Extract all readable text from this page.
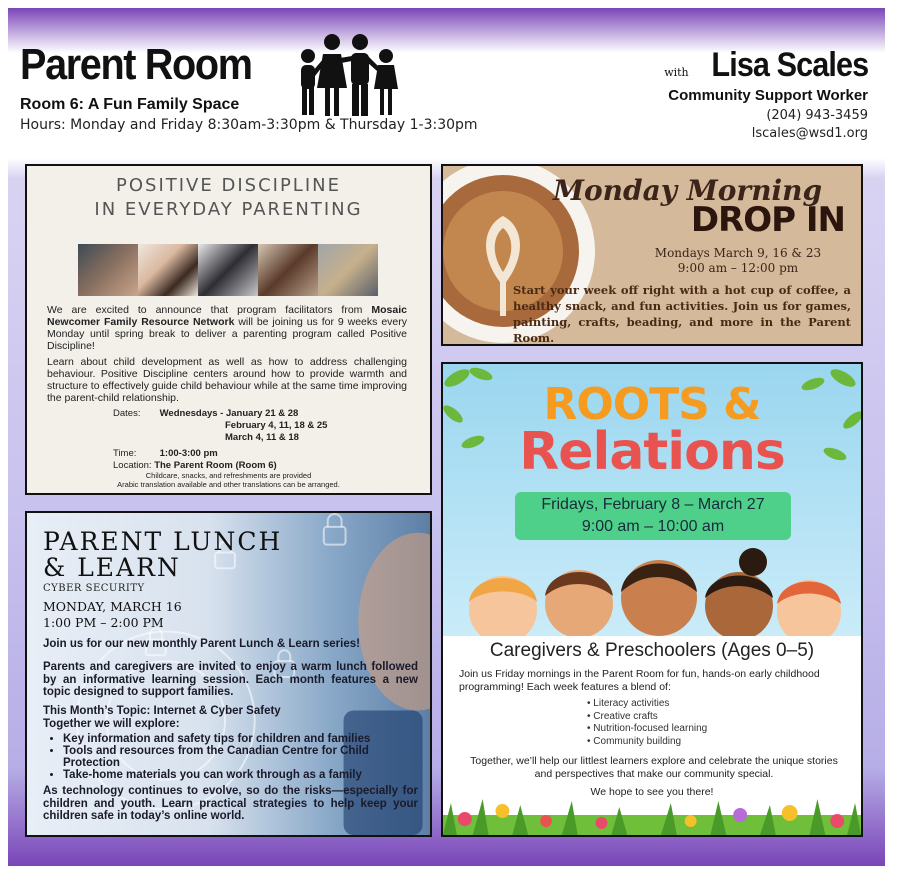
Parent Room
Room 6: A Fun Family Space
Hours: Monday and Friday 8:30am-3:30pm & Thursday 1-3:30pm
with Lisa Scales
Community Support Worker
(204) 943-3459
lscales@wsd1.org
POSITIVE DISCIPLINE
IN EVERYDAY PARENTING
We are excited to announce that program facilitators from Mosaic Newcomer Family Resource Network will be joining us for 9 weeks every Monday until spring break to deliver a parenting program called Positive Discipline!
Learn about child development as well as how to address challenging behaviour. Positive Discipline centers around how to provide warmth and structure to effectively guide child behaviour while at the same time improving the parent-child relationship.
Dates: Wednesdays - January 21 & 28
February 4, 11, 18 & 25
March 4, 11 & 18
Time: 1:00-3:00 pm
Location: The Parent Room (Room 6)
Childcare, snacks, and refreshments are provided
Arabic translation available and other translations can be arranged.
Monday Morning
DROP IN
Mondays March 9, 16 & 23
9:00 am – 12:00 pm
Start your week off right with a hot cup of coffee, a healthy snack, and fun activities. Join us for games, painting, crafts, beading, and more in the Parent Room.
ROOTS &
Relations
Fridays, February 8 – March 27
9:00 am – 10:00 am
Caregivers & Preschoolers (Ages 0–5)
Join us Friday mornings in the Parent Room for fun, hands-on early childhood programming! Each week features a blend of:
• Literacy activities
• Creative crafts
• Nutrition-focused learning
• Community building
Together, we’ll help our littlest learners explore and celebrate the unique stories and perspectives that make our community special.
We hope to see you there!
PARENT LUNCH
& LEARN
CYBER SECURITY
MONDAY, MARCH 16
1:00 PM – 2:00 PM
Join us for our new monthly Parent Lunch & Learn series!
Parents and caregivers are invited to enjoy a warm lunch followed by an informative learning session. Each month features a new topic designed to support families.
This Month’s Topic: Internet & Cyber Safety
Together we will explore:
• Key information and safety tips for children and families
• Tools and resources from the Canadian Centre for Child Protection
• Take-home materials you can work through as a family
As technology continues to evolve, so do the risks—especially for children and youth. Learn practical strategies to help keep your children safe in today’s online world.
